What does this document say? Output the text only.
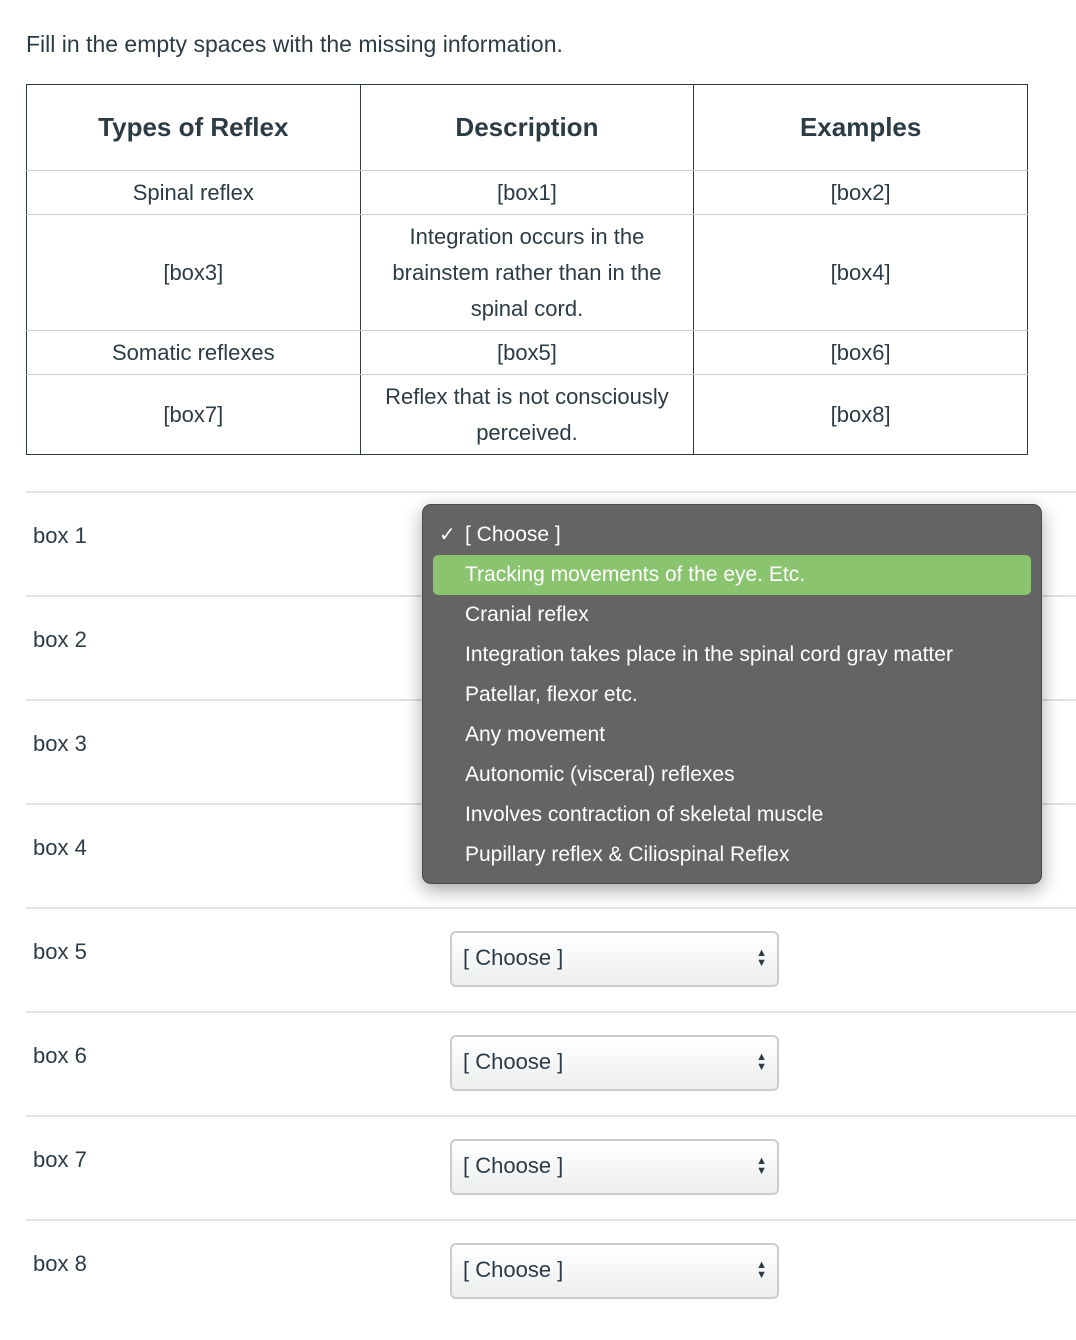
Fill in the empty spaces with the missing information.
Types of Reflex	Description	Examples
Spinal reflex	[box1]	[box2]
[box3]	Integration occurs in the brainstem rather than in the spinal cord.	[box4]
Somatic reflexes	[box5]	[box6]
[box7]	Reflex that is not consciously perceived.	[box8]
box 1
box 2
box 3
box 4
box 5	[ Choose ]	▲
▼
box 6	[ Choose ]	▲
▼
box 7	[ Choose ]	▲
▼
box 8	[ Choose ]	▲
▼
✓ [ Choose ]
Tracking movements of the eye. Etc.
Cranial reflex
Integration takes place in the spinal cord gray matter
Patellar, flexor etc.
Any movement
Autonomic (visceral) reflexes
Involves contraction of skeletal muscle
Pupillary reflex & Ciliospinal Reflex
